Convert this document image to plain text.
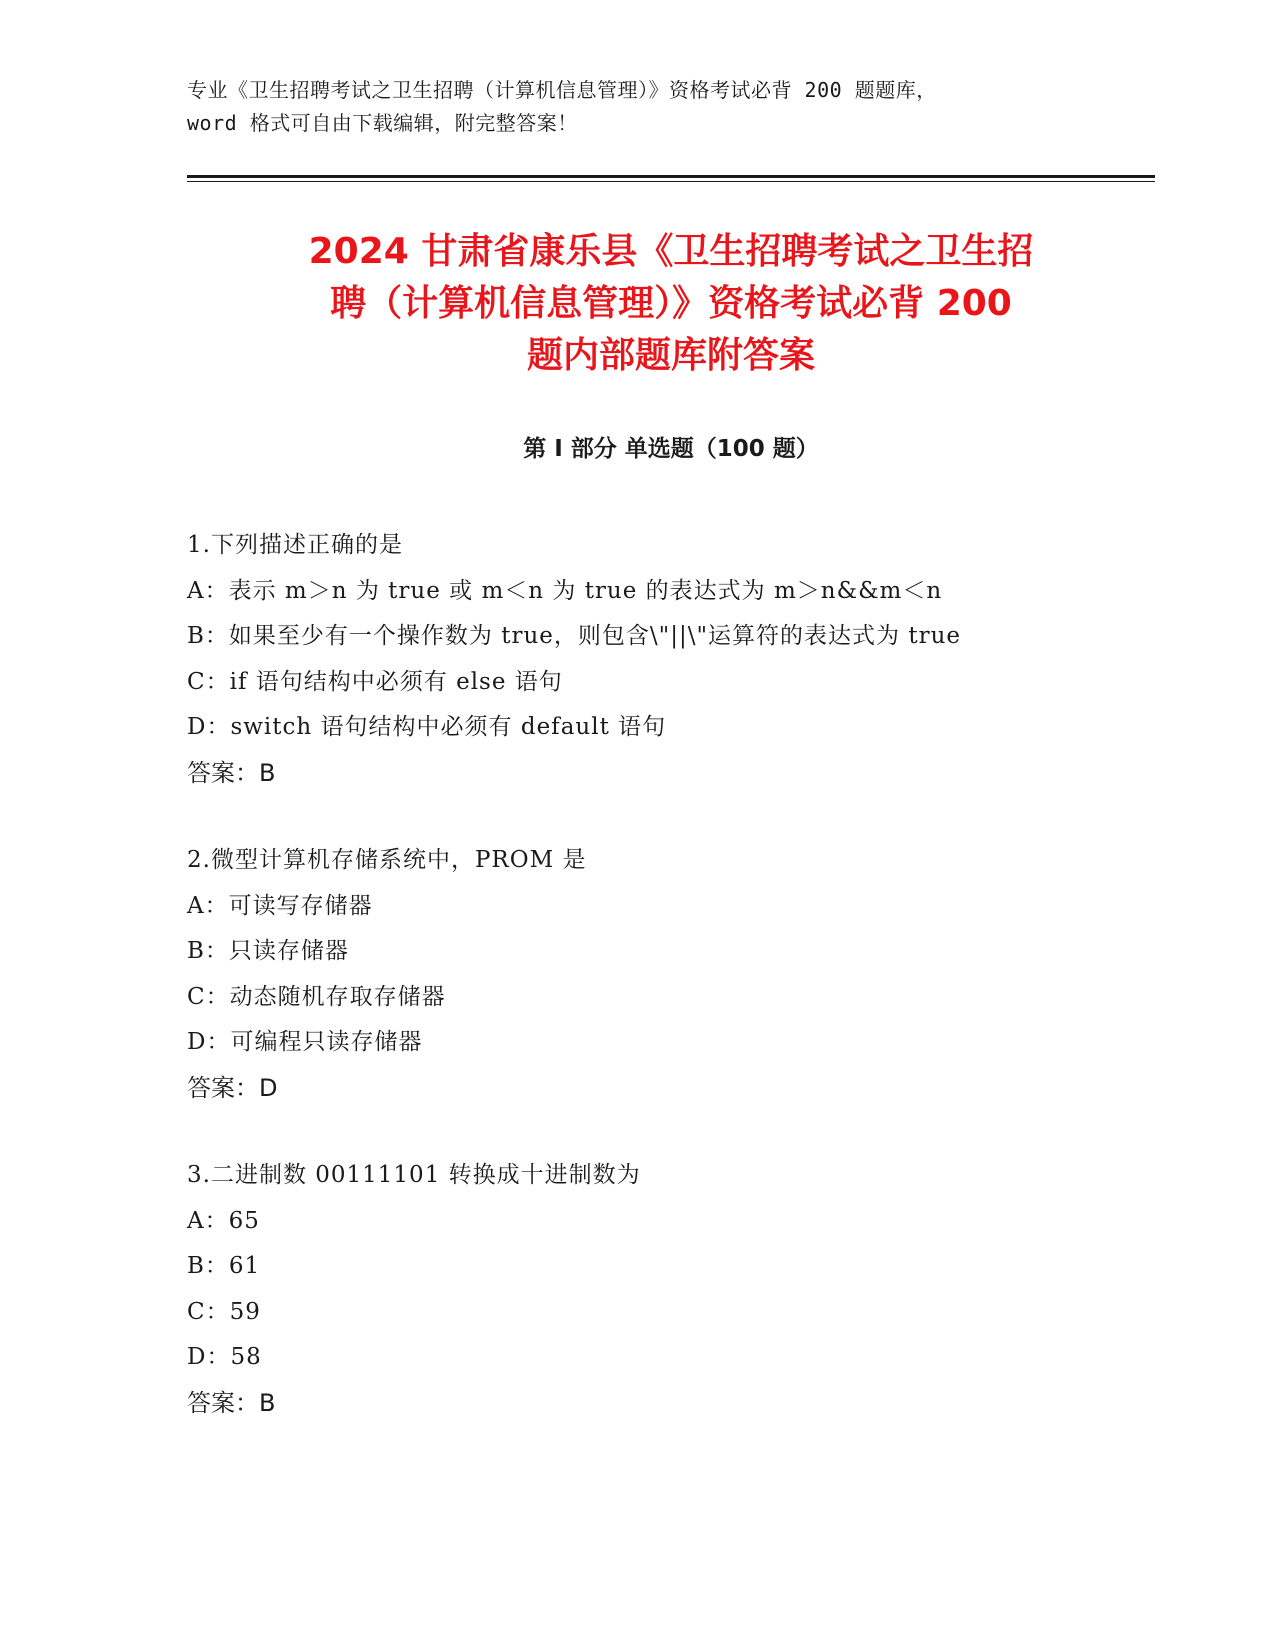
专业《卫生招聘考试之卫生招聘（计算机信息管理）》资格考试必背 200 题题库，
word 格式可自由下载编辑，附完整答案！
2024 甘肃省康乐县《卫生招聘考试之卫生招
聘（计算机信息管理）》资格考试必背 200
题内部题库附答案
第 I 部分 单选题（100 题）
1.下列描述正确的是
A：表示 m＞n 为 true 或 m＜n 为 true 的表达式为 m＞n&&m＜n
B：如果至少有一个操作数为 true，则包含\"||\"运算符的表达式为 true
C：if 语句结构中必须有 else 语句
D：switch 语句结构中必须有 default 语句
答案：B
2.微型计算机存储系统中，PROM 是
A：可读写存储器
B：只读存储器
C：动态随机存取存储器
D：可编程只读存储器
答案：D
3.二进制数 00111101 转换成十进制数为
A：65
B：61
C：59
D：58
答案：B
